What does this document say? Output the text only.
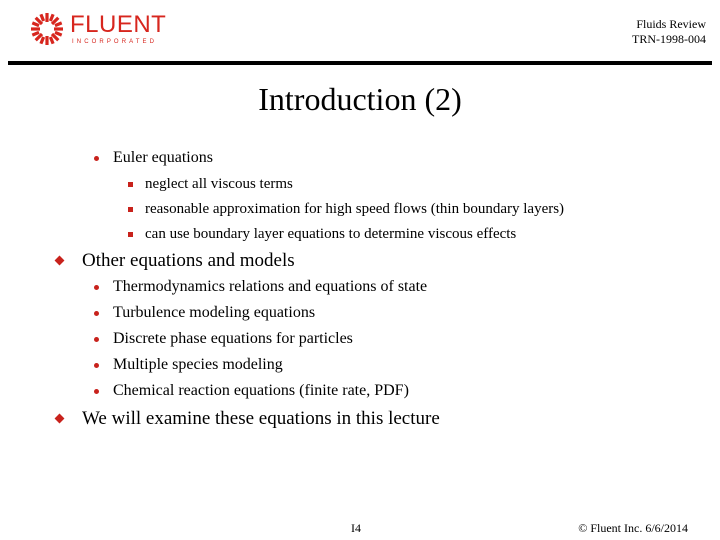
FLUENT
INCORPORATED
Fluids Review
TRN-1998-004
Introduction (2)
Euler equations
neglect all viscous terms
reasonable approximation for high speed flows (thin boundary layers)
can use boundary layer equations to determine viscous effects
Other equations and models
Thermodynamics relations and equations of state
Turbulence modeling equations
Discrete phase equations for particles
Multiple species modeling
Chemical reaction equations (finite rate, PDF)
We will examine these equations in this lecture
I4	© Fluent Inc. 6/6/2014
